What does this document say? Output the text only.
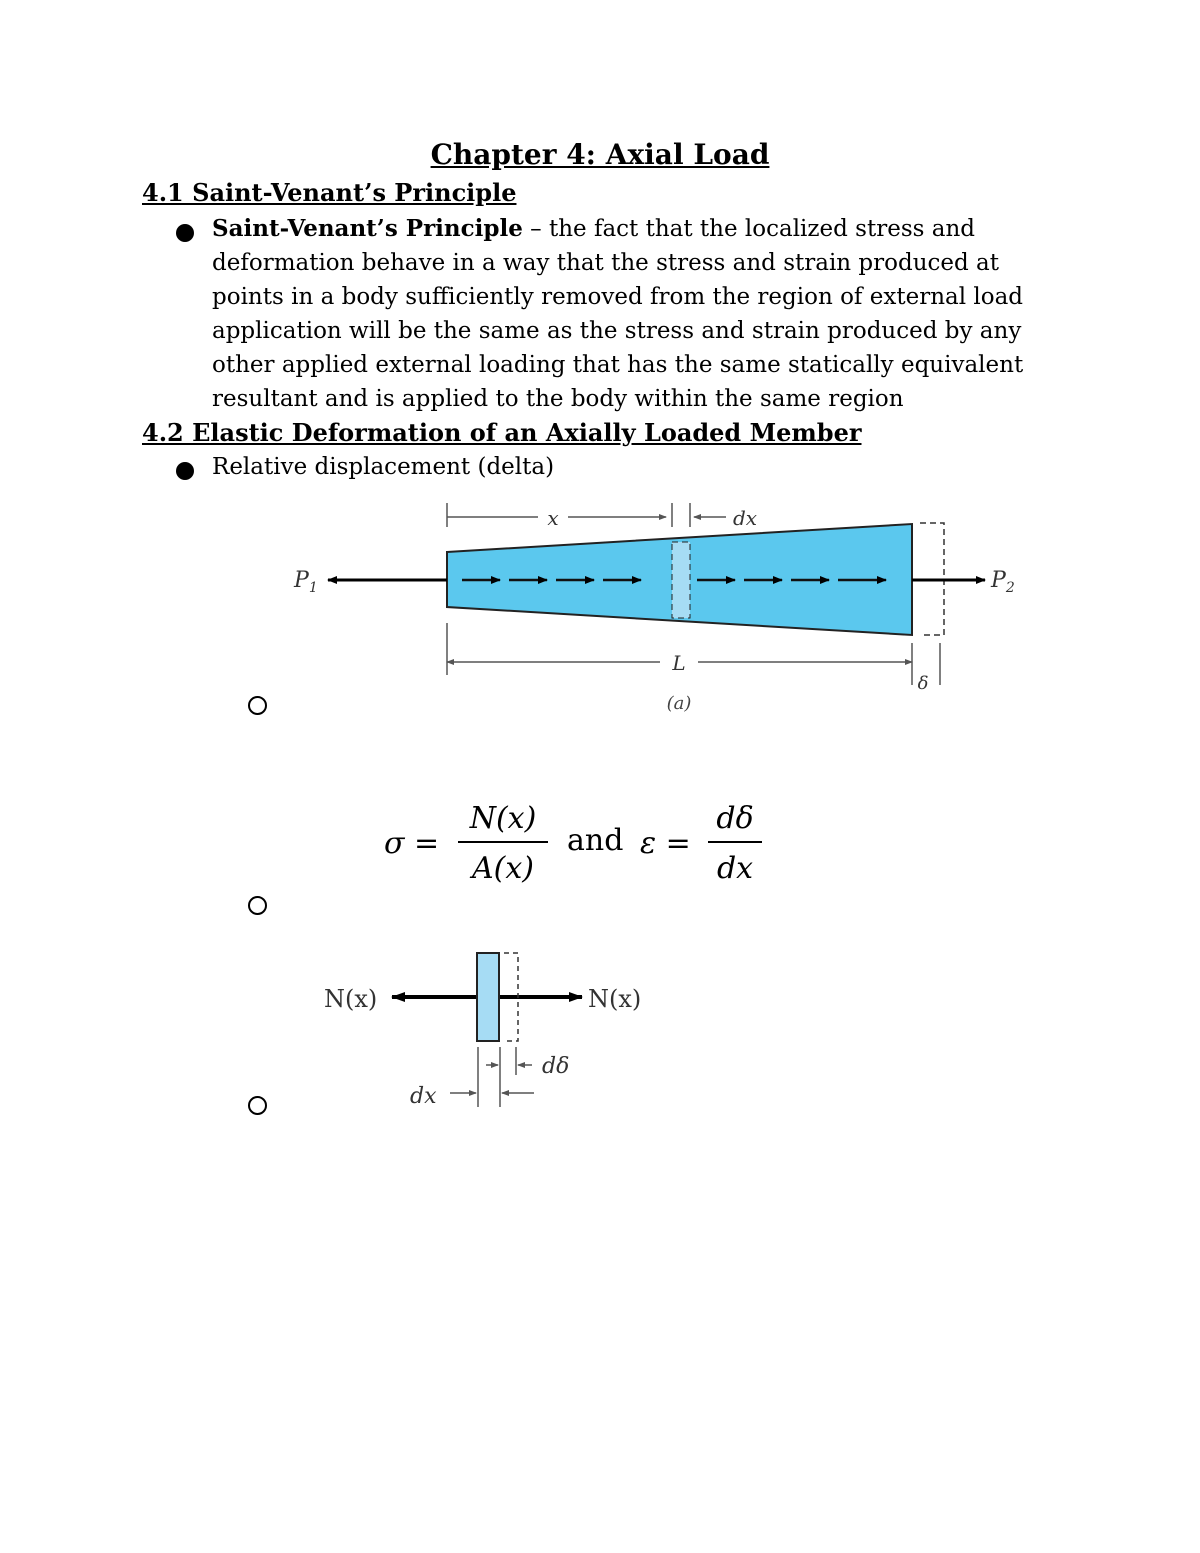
Chapter 4: Axial Load
4.1 Saint-Venant’s Principle
Saint-Venant’s Principle – the fact that the localized stress and deformation behave in a way that the stress and strain produced at points in a body sufficiently removed from the region of external load application will be the same as the stress and strain produced by any other applied external loading that has the same statically equivalent resultant and is applied to the body within the same region
4.2 Elastic Deformation of an Axially Loaded Member
Relative displacement (delta)
x	dx
$P_1$	$P_2$
L
δ
(a)
σ =
N(x)
A(x)
and ε =
dδ
dx
N(x)	N(x)
dδ
dx
